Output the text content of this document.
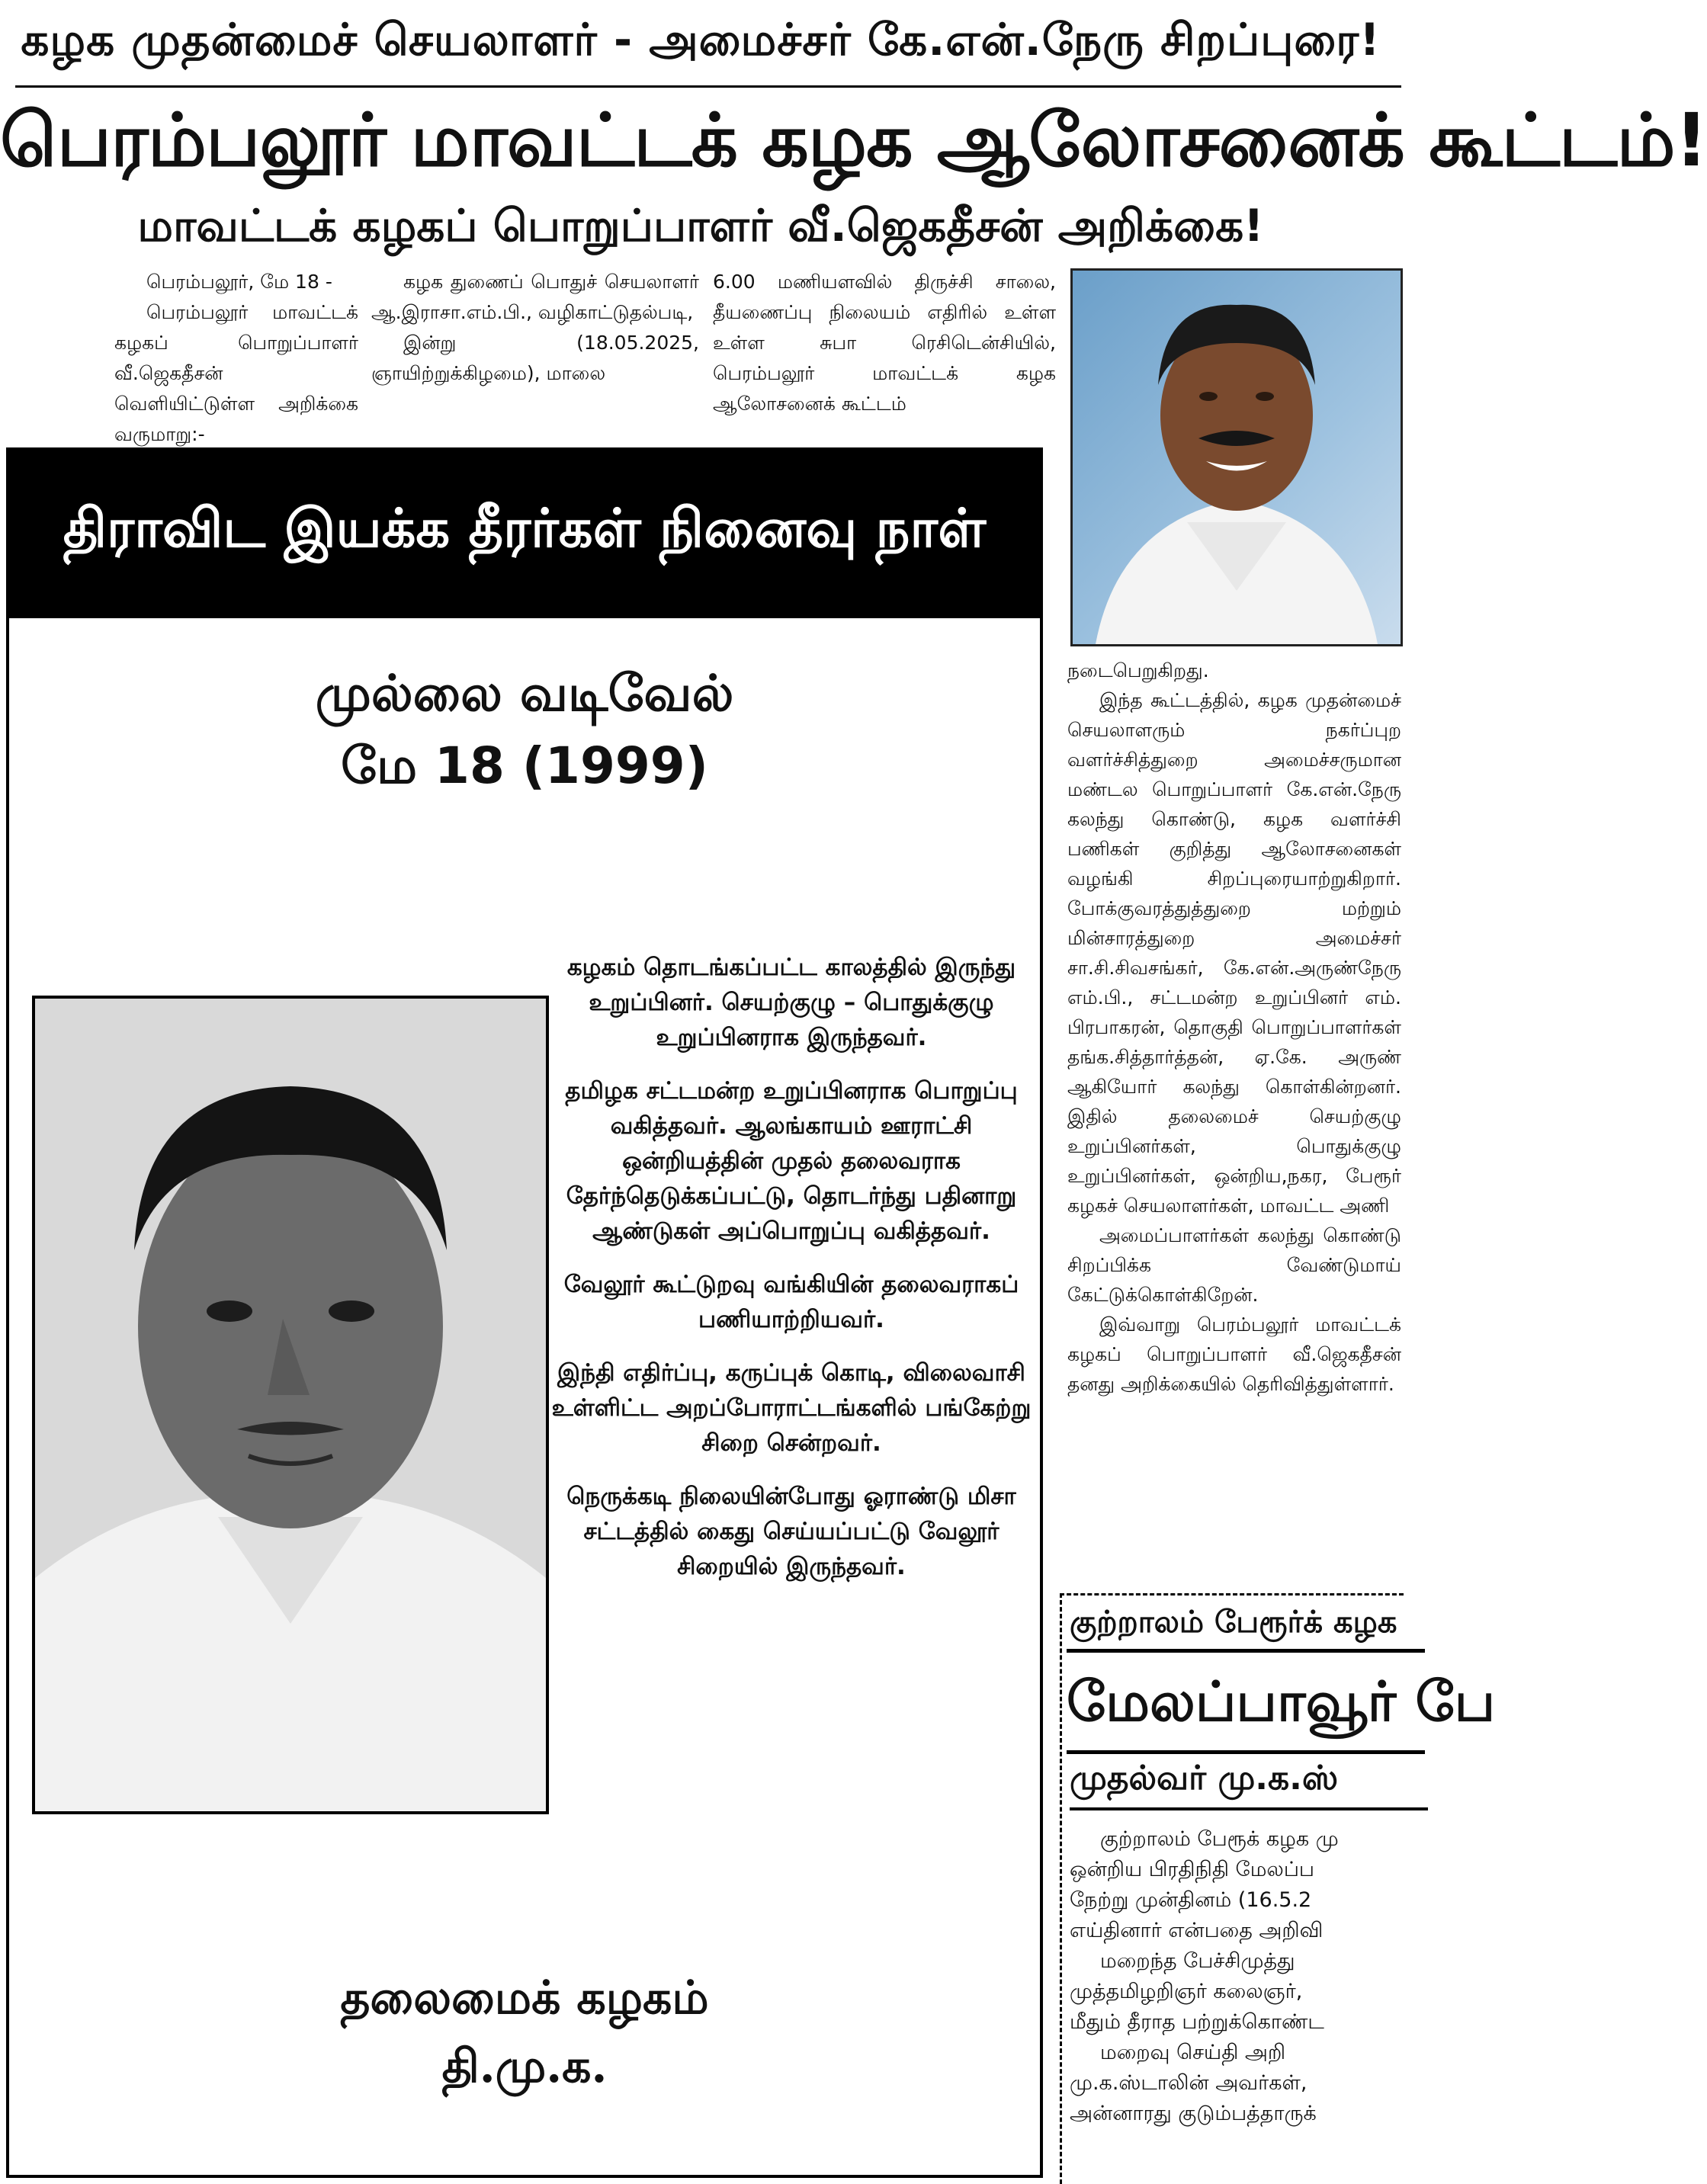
கழக முதன்மைச் செயலாளர் - அமைச்சர் கே.என்.நேரு சிறப்புரை!
பெரம்பலூர் மாவட்டக் கழக ஆலோசனைக் கூட்டம்!
மாவட்டக் கழகப் பொறுப்பாளர் வீ.ஜெகதீசன் அறிக்கை!

பெரம்பலூர், மே 18 -

பெரம்பலூர் மாவட்டக் கழகப் பொறுப்பாளர் வீ.ஜெகதீசன் வெளியிட்டுள்ள அறிக்கை வருமாறு:-

கழக துணைப் பொதுச் செயலாளர் ஆ.இராசா.எம்.பி., வழிகாட்டுதல்படி,

இன்று (18.05.2025, ஞாயிற்றுக்கிழமை), மாலை

6.00 மணியளவில் திருச்சி சாலை, தீயணைப்பு நிலையம் எதிரில் உள்ள உள்ள சுபா ரெசிடென்சியில், பெரம்பலூர் மாவட்டக் கழக ஆலோசனைக் கூட்டம்

நடைபெறுகிறது.

இந்த கூட்டத்தில், கழக முதன்மைச் செயலாளரும் நகர்ப்புற வளர்ச்சித்துறை அமைச்சருமான மண்டல பொறுப்பாளர் கே.என்.நேரு கலந்து கொண்டு, கழக வளர்ச்சி பணிகள் குறித்து ஆலோசனைகள் வழங்கி சிறப்புரையாற்றுகிறார். போக்குவரத்துத்துறை மற்றும் மின்சாரத்துறை அமைச்சர் சா.சி.சிவசங்கர், கே.என்.அருண்நேரு எம்.பி., சட்டமன்ற உறுப்பினர் எம். பிரபாகரன், தொகுதி பொறுப்பாளர்கள் தங்க.சித்தார்த்தன், ஏ.கே. அருண் ஆகியோர் கலந்து கொள்கின்றனர். இதில் தலைமைச் செயற்குழு உறுப்பினர்கள், பொதுக்குழு உறுப்பினர்கள், ஒன்றிய,நகர, பேரூர் கழகச் செயலாளர்கள், மாவட்ட அணி

அமைப்பாளர்கள் கலந்து கொண்டு சிறப்பிக்க வேண்டுமாய் கேட்டுக்கொள்கிறேன்.

இவ்வாறு பெரம்பலூர் மாவட்டக் கழகப் பொறுப்பாளர் வீ.ஜெகதீசன் தனது அறிக்கையில் தெரிவித்துள்ளார்.

திராவிட இயக்க தீரர்கள் நினைவு நாள்
முல்லை வடிவேல்
மே 18 (1999)

கழகம் தொடங்கப்பட்ட காலத்தில் இருந்து உறுப்பினர். செயற்குழு – பொதுக்குழு உறுப்பினராக இருந்தவர்.

தமிழக சட்டமன்ற உறுப்பினராக பொறுப்பு வகித்தவர். ஆலங்காயம் ஊராட்சி ஒன்றியத்தின் முதல் தலைவராக தேர்ந்தெடுக்கப்பட்டு, தொடர்ந்து பதினாறு ஆண்டுகள் அப்பொறுப்பு வகித்தவர்.

வேலூர் கூட்டுறவு வங்கியின் தலைவராகப் பணியாற்றியவர்.

இந்தி எதிர்ப்பு, கருப்புக் கொடி, விலைவாசி உள்ளிட்ட அறப்போராட்டங்களில் பங்கேற்று சிறை சென்றவர்.

நெருக்கடி நிலையின்போது ஓராண்டு மிசா சட்டத்தில் கைது செய்யப்பட்டு வேலூர் சிறையில் இருந்தவர்.

தலைமைக் கழகம்
தி.மு.க.
குற்றாலம் பேரூர்க் கழக
மேலப்பாவூர் பே
முதல்வர் மு.க.ஸ்

குற்றாலம் பேரூக் கழக மு

ஒன்றிய பிரதிநிதி மேலப்ப

நேற்று முன்தினம் (16.5.2

எய்தினார் என்பதை அறிவி

மறைந்த பேச்சிமுத்து

முத்தமிழறிஞர் கலைஞர்,

மீதும் தீராத பற்றுக்கொண்ட

மறைவு செய்தி அறி

மு.க.ஸ்டாலின் அவர்கள்,

அன்னாரது குடும்பத்தாருக்
